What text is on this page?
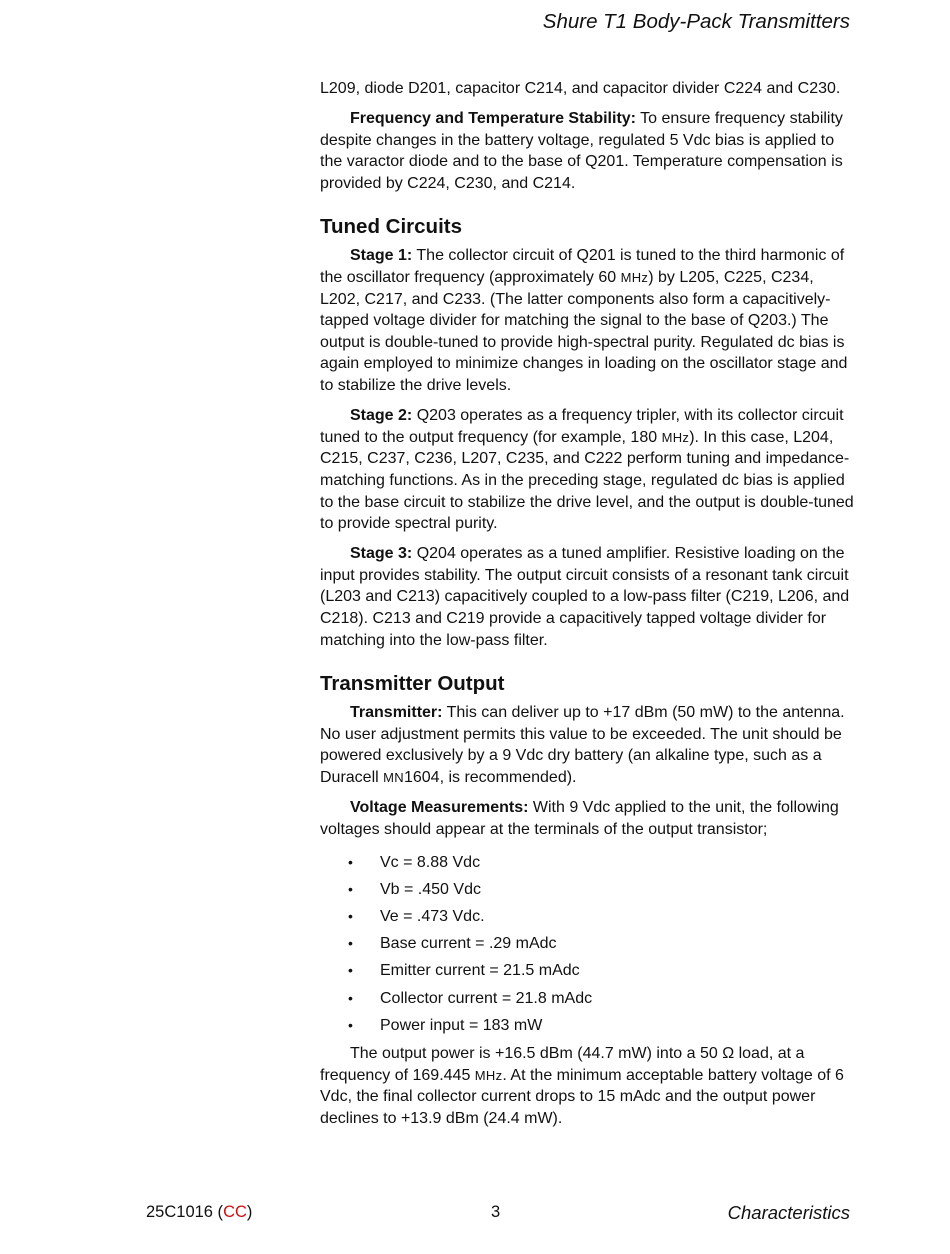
Shure T1 Body-Pack Transmitters

L209, diode D201, capacitor C214, and capacitor divider C224 and C230.

Frequency and Temperature Stability: To ensure frequency stability despite changes in the battery voltage, regulated 5 Vdc bias is applied to the varactor diode and to the base of Q201. Temperature compensation is provided by C224, C230, and C214.

Tuned Circuits

Stage 1: The collector circuit of Q201 is tuned to the third harmonic of the oscillator frequency (approximately 60 MHz) by L205, C225, C234, L202, C217, and C233. (The latter components also form a capacitively-tapped voltage divider for matching the signal to the base of Q203.) The output is double-tuned to provide high-spectral purity. Regulated dc bias is again employed to minimize changes in loading on the oscillator stage and to stabilize the drive levels.

Stage 2: Q203 operates as a frequency tripler, with its collector circuit tuned to the output frequency (for example, 180 MHz). In this case, L204, C215, C237, C236, L207, C235, and C222 perform tuning and impedance-matching functions. As in the preceding stage, regulated dc bias is applied to the base circuit to stabilize the drive level, and the output is double-tuned to provide spectral purity.

Stage 3: Q204 operates as a tuned amplifier. Resistive loading on the input provides stability. The output circuit consists of a resonant tank circuit (L203 and C213) capacitively coupled to a low-pass filter (C219, L206, and C218). C213 and C219 provide a capacitively tapped voltage divider for matching into the low-pass filter.

Transmitter Output

Transmitter: This can deliver up to +17 dBm (50 mW) to the antenna. No user adjustment permits this value to be exceeded. The unit should be powered exclusively by a 9 Vdc dry battery (an alkaline type, such as a Duracell MN1604, is recommended).

Voltage Measurements: With 9 Vdc applied to the unit, the following voltages should appear at the terminals of the output transistor;

• Vc = 8.88 Vdc
• Vb = .450 Vdc
• Ve = .473 Vdc.
• Base current = .29 mAdc
• Emitter current = 21.5 mAdc
• Collector current = 21.8 mAdc
• Power input = 183 mW

The output power is +16.5 dBm (44.7 mW) into a 50 Ω load, at a frequency of 169.445 MHz. At the minimum acceptable battery voltage of 6 Vdc, the final collector current drops to 15 mAdc and the output power declines to +13.9 dBm (24.4 mW).

25C1016 (CC)	3	Characteristics
